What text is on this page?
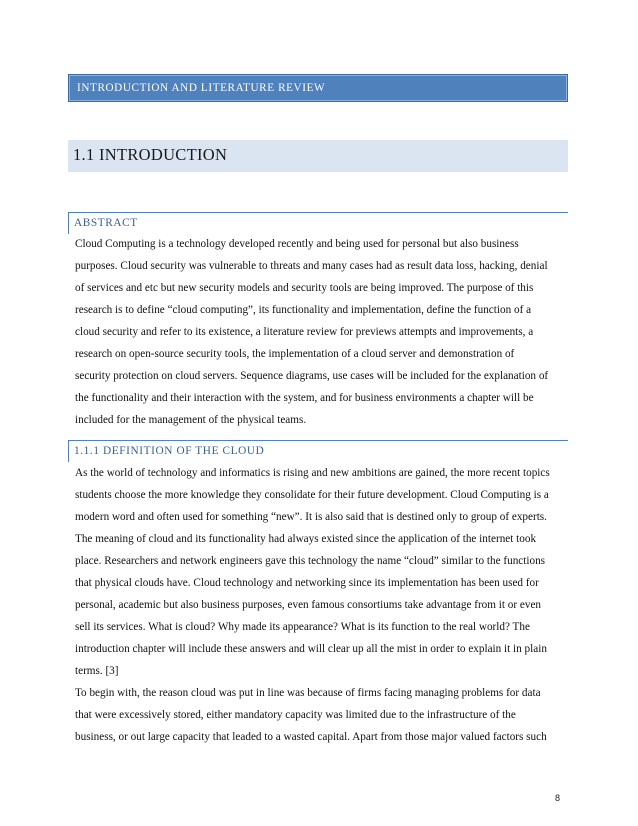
INTRODUCTION AND LITERATURE REVIEW
1.1 INTRODUCTION
ABSTRACT
Cloud Computing is a technology developed recently and being used for personal but also business
purposes. Cloud security was vulnerable to threats and many cases had as result data loss, hacking, denial
of services and etc but new security models and security tools are being improved. The purpose of this
research is to define “cloud computing”, its functionality and implementation, define the function of a
cloud security and refer to its existence, a literature review for previews attempts and improvements, a
research on open-source security tools, the implementation of a cloud server and demonstration of
security protection on cloud servers. Sequence diagrams, use cases will be included for the explanation of
the functionality and their interaction with the system, and for business environments a chapter will be
included for the management of the physical teams.
1.1.1 DEFINITION OF THE CLOUD
As the world of technology and informatics is rising and new ambitions are gained, the more recent topics
students choose the more knowledge they consolidate for their future development. Cloud Computing is a
modern word and often used for something “new”. It is also said that is destined only to group of experts.
The meaning of cloud and its functionality had always existed since the application of the internet took
place. Researchers and network engineers gave this technology the name “cloud” similar to the functions
that physical clouds have. Cloud technology and networking since its implementation has been used for
personal, academic but also business purposes, even famous consortiums take advantage from it or even
sell its services. What is cloud? Why made its appearance? What is its function to the real world? The
introduction chapter will include these answers and will clear up all the mist in order to explain it in plain
terms. [3]
To begin with, the reason cloud was put in line was because of firms facing managing problems for data
that were excessively stored, either mandatory capacity was limited due to the infrastructure of the
business, or out large capacity that leaded to a wasted capital. Apart from those major valued factors such
8
